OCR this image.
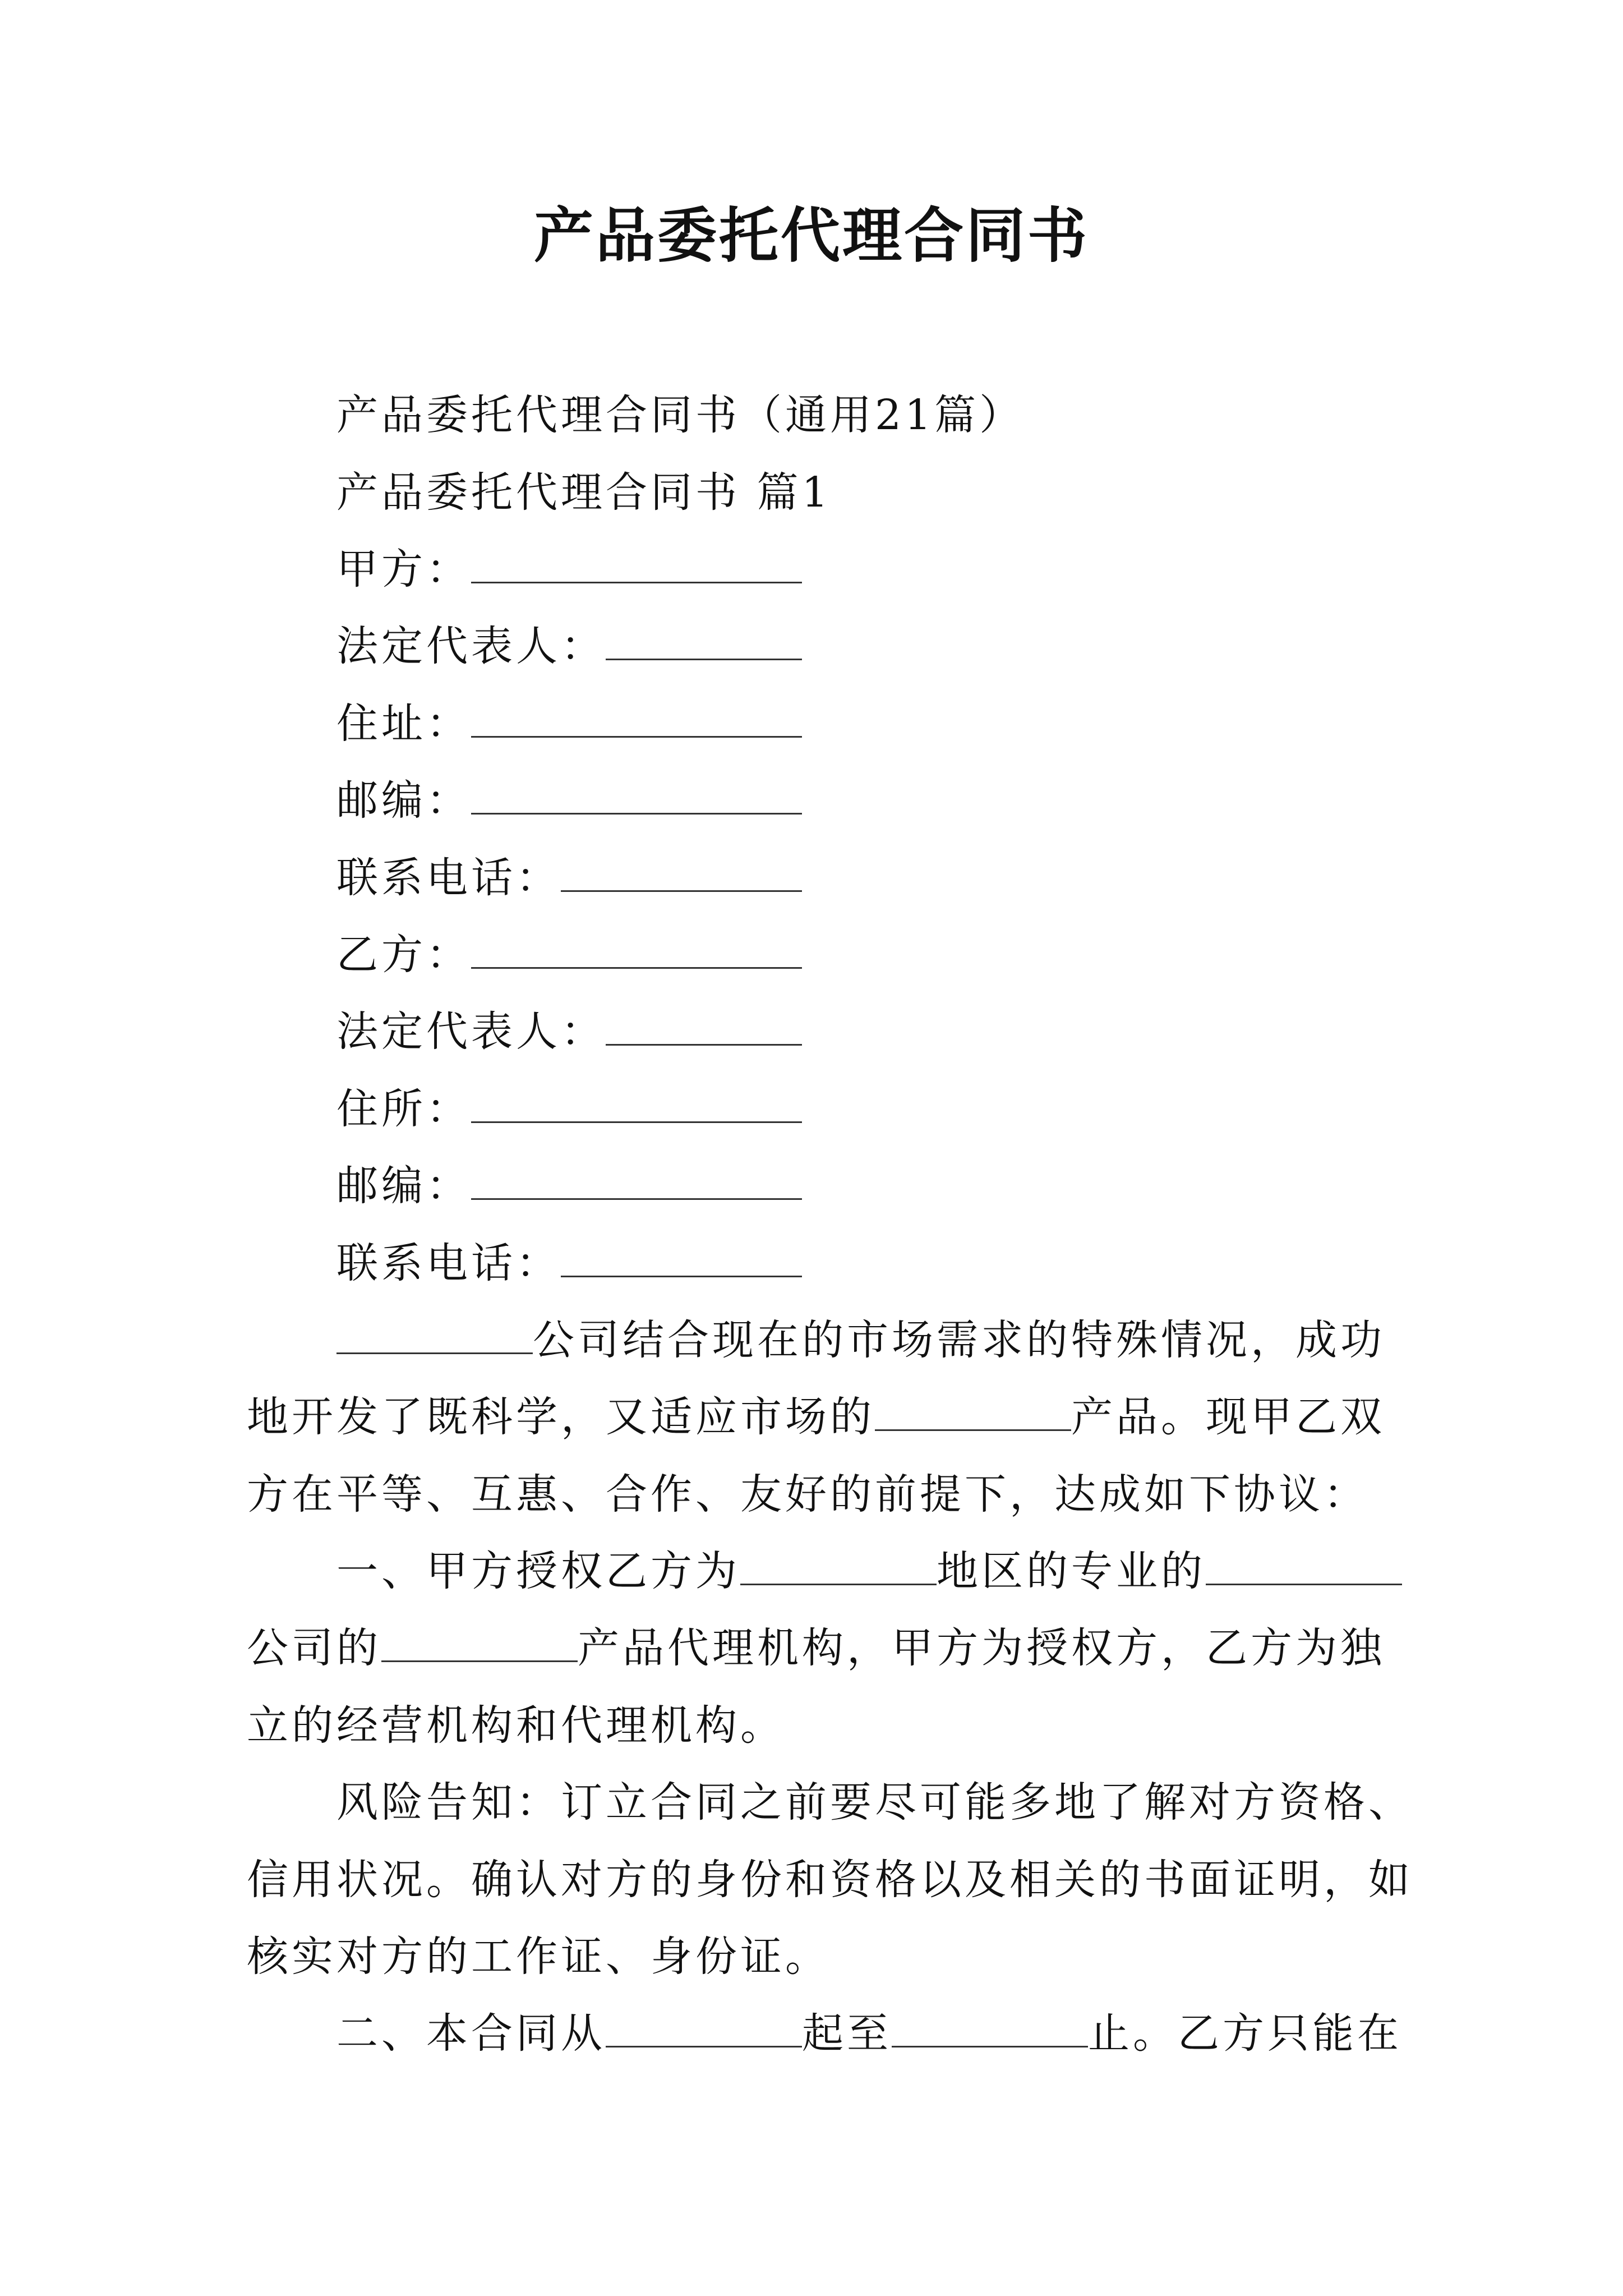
产品委托代理合同书
产品委托代理合同书（通用21篇）
产品委托代理合同书 篇1
甲方：
法定代表人：
住址：
邮编：
联系电话：
乙方：
法定代表人：
住所：
邮编：
联系电话：
公司结合现在的市场需求的特殊情况，成功
地开发了既科学，又适应市场的	产品。现甲乙双
方在平等、互惠、合作、友好的前提下，达成如下协议：
一、甲方授权乙方为	地区的专业的
公司的	产品代理机构，甲方为授权方，乙方为独
立的经营机构和代理机构。
风险告知：订立合同之前要尽可能多地了解对方资格、
信用状况。确认对方的身份和资格以及相关的书面证明，如
核实对方的工作证、身份证。
二、本合同从	起至	止。乙方只能在
